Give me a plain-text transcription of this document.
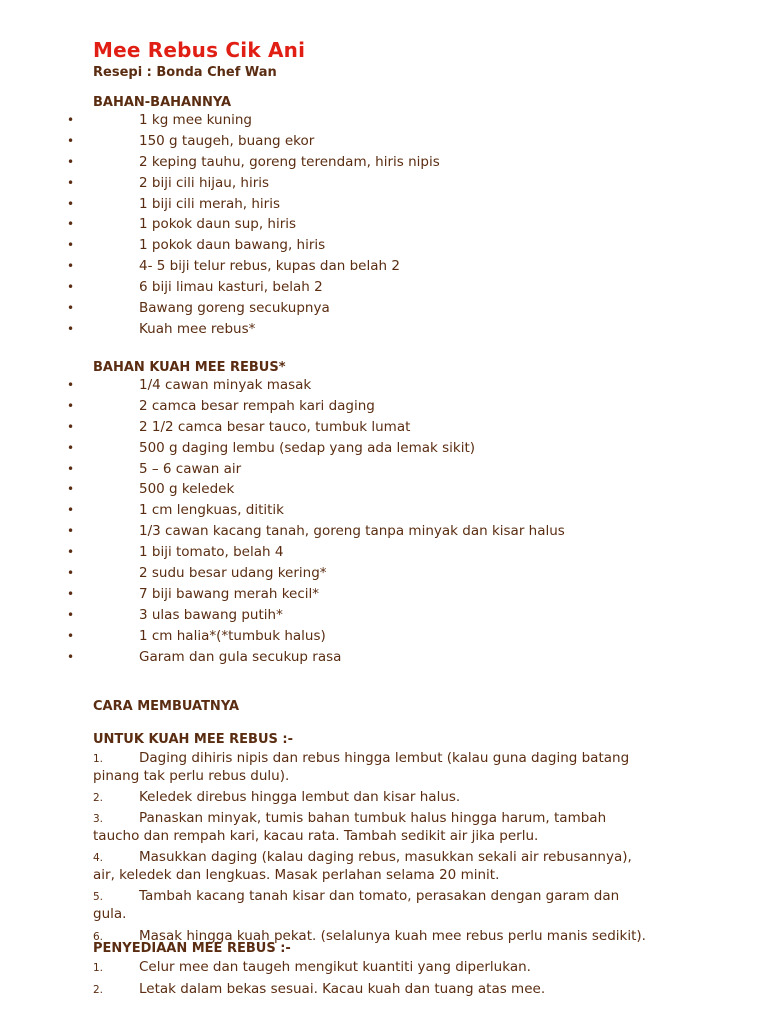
Mee Rebus Cik Ani
Resepi : Bonda Chef Wan
BAHAN-BAHANNYA
•	1 kg mee kuning
•	150 g taugeh, buang ekor
•	2 keping tauhu, goreng terendam, hiris nipis
•	2 biji cili hijau, hiris
•	1 biji cili merah, hiris
•	1 pokok daun sup, hiris
•	1 pokok daun bawang, hiris
•	4- 5 biji telur rebus, kupas dan belah 2
•	6 biji limau kasturi, belah 2
•	Bawang goreng secukupnya
•	Kuah mee rebus*
BAHAN KUAH MEE REBUS*
•	1/4 cawan minyak masak
•	2 camca besar rempah kari daging
•	2 1/2 camca besar tauco, tumbuk lumat
•	500 g daging lembu (sedap yang ada lemak sikit)
•	5 – 6 cawan air
•	500 g keledek
•	1 cm lengkuas, dititik
•	1/3 cawan kacang tanah, goreng tanpa minyak dan kisar halus
•	1 biji tomato, belah 4
•	2 sudu besar udang kering*
•	7 biji bawang merah kecil*
•	3 ulas bawang putih*
•	1 cm halia*(*tumbuk halus)
•	Garam dan gula secukup rasa
CARA MEMBUATNYA
UNTUK KUAH MEE REBUS :-
1.	Daging dihiris nipis dan rebus hingga lembut (kalau guna daging batang pinang tak perlu rebus dulu).
2.	Keledek direbus hingga lembut dan kisar halus.
3.	Panaskan minyak, tumis bahan tumbuk halus hingga harum, tambah taucho dan rempah kari, kacau rata. Tambah sedikit air jika perlu.
4.	Masukkan daging (kalau daging rebus, masukkan sekali air rebusannya), air, keledek dan lengkuas. Masak perlahan selama 20 minit.
5.	Tambah kacang tanah kisar dan tomato, perasakan dengan garam dan gula.
6.	Masak hingga kuah pekat. (selalunya kuah mee rebus perlu manis sedikit).
PENYEDIAAN MEE REBUS :-
1.	Celur mee dan taugeh mengikut kuantiti yang diperlukan.
2.	Letak dalam bekas sesuai. Kacau kuah dan tuang atas mee.
